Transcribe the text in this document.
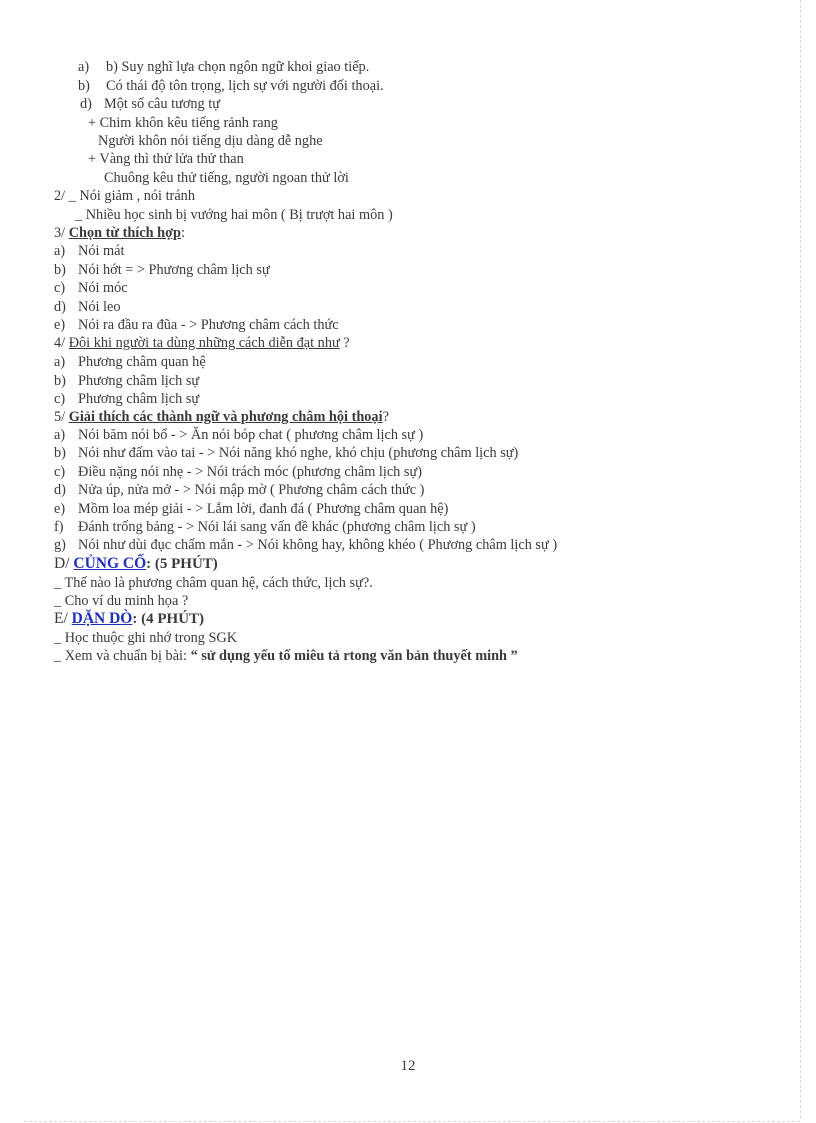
a) b) Suy nghĩ lựa chọn ngôn ngữ khoi giao tiếp.
b) Có thái độ tôn trọng, lịch sự với người đối thoại.
d) Một số câu tương tự
+ Chim khôn kêu tiếng rảnh rang
Người khôn nói tiếng dịu dàng dễ nghe
+ Vàng thì thử lửa thử than
Chuông kêu thử tiếng, người ngoan thử lời
2/ _ Nói giảm , nói tránh
_ Nhiều học sinh bị vướng hai môn ( Bị trượt hai môn )
3/ Chọn từ thích hợp:
a) Nói mát
b) Nói hớt = > Phương châm lịch sự
c) Nói móc
d) Nói leo
e) Nói ra đầu ra đũa - > Phương châm cách thức
4/ Đôi khi người ta dùng những cách diễn đạt như ?
a) Phương châm quan hệ
b) Phương châm lịch sự
c) Phương châm lịch sự
5/ Giải thích các thành ngữ và phương châm hội thoại?
a) Nói băm nói bổ - > Ăn nói bóp chat ( phương châm lịch sự )
b) Nói như đấm vào tai - > Nói năng khó nghe, khó chịu (phương châm lịch sự)
c) Điều nặng nói nhẹ - > Nói trách móc (phương châm lịch sự)
d) Nửa úp, nửa mở - > Nói mập mờ ( Phương châm cách thức )
e) Mồm loa mép giải - > Lắm lời, đanh đá ( Phương châm quan hệ)
f) Đánh trống bảng - > Nói lái sang vấn đề khác (phương châm lịch sự )
g) Nói như dùi đục chấm mắn - > Nói không hay, không khéo ( Phương châm lịch sự )
D/ CỦNG CỐ: (5 PHÚT)
_ Thế nào là phương châm quan hệ, cách thức, lịch sự?.
_ Cho ví du minh họa ?
E/ DẶN DÒ: (4 PHÚT)
_ Học thuộc ghi nhớ trong SGK
_ Xem và chuẩn bị bài: “ sử dụng yếu tố miêu tả rtong văn bản thuyết minh ”
12
